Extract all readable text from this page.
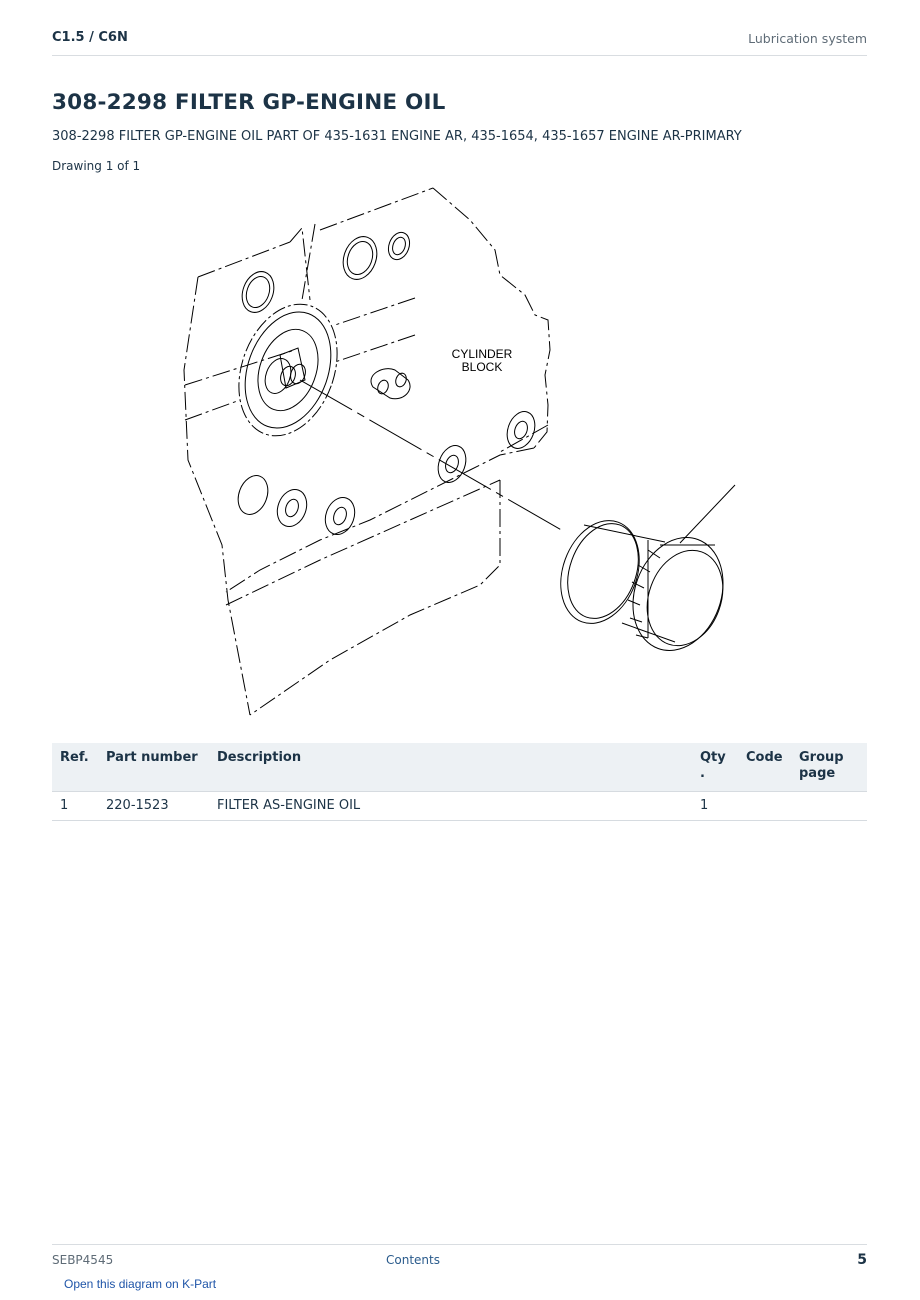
C1.5 / C6N	Lubrication system
308-2298 FILTER GP-ENGINE OIL
308-2298 FILTER GP-ENGINE OIL PART OF 435-1631 ENGINE AR, 435-1654, 435-1657 ENGINE AR-PRIMARY
Drawing 1 of 1
CYLINDER
BLOCK
Ref.	Part number	Description	Qty .	Code	Group page
1	220-1523	FILTER AS-ENGINE OIL	1		
SEBP4545	Contents	5
Open this diagram on K-Part
